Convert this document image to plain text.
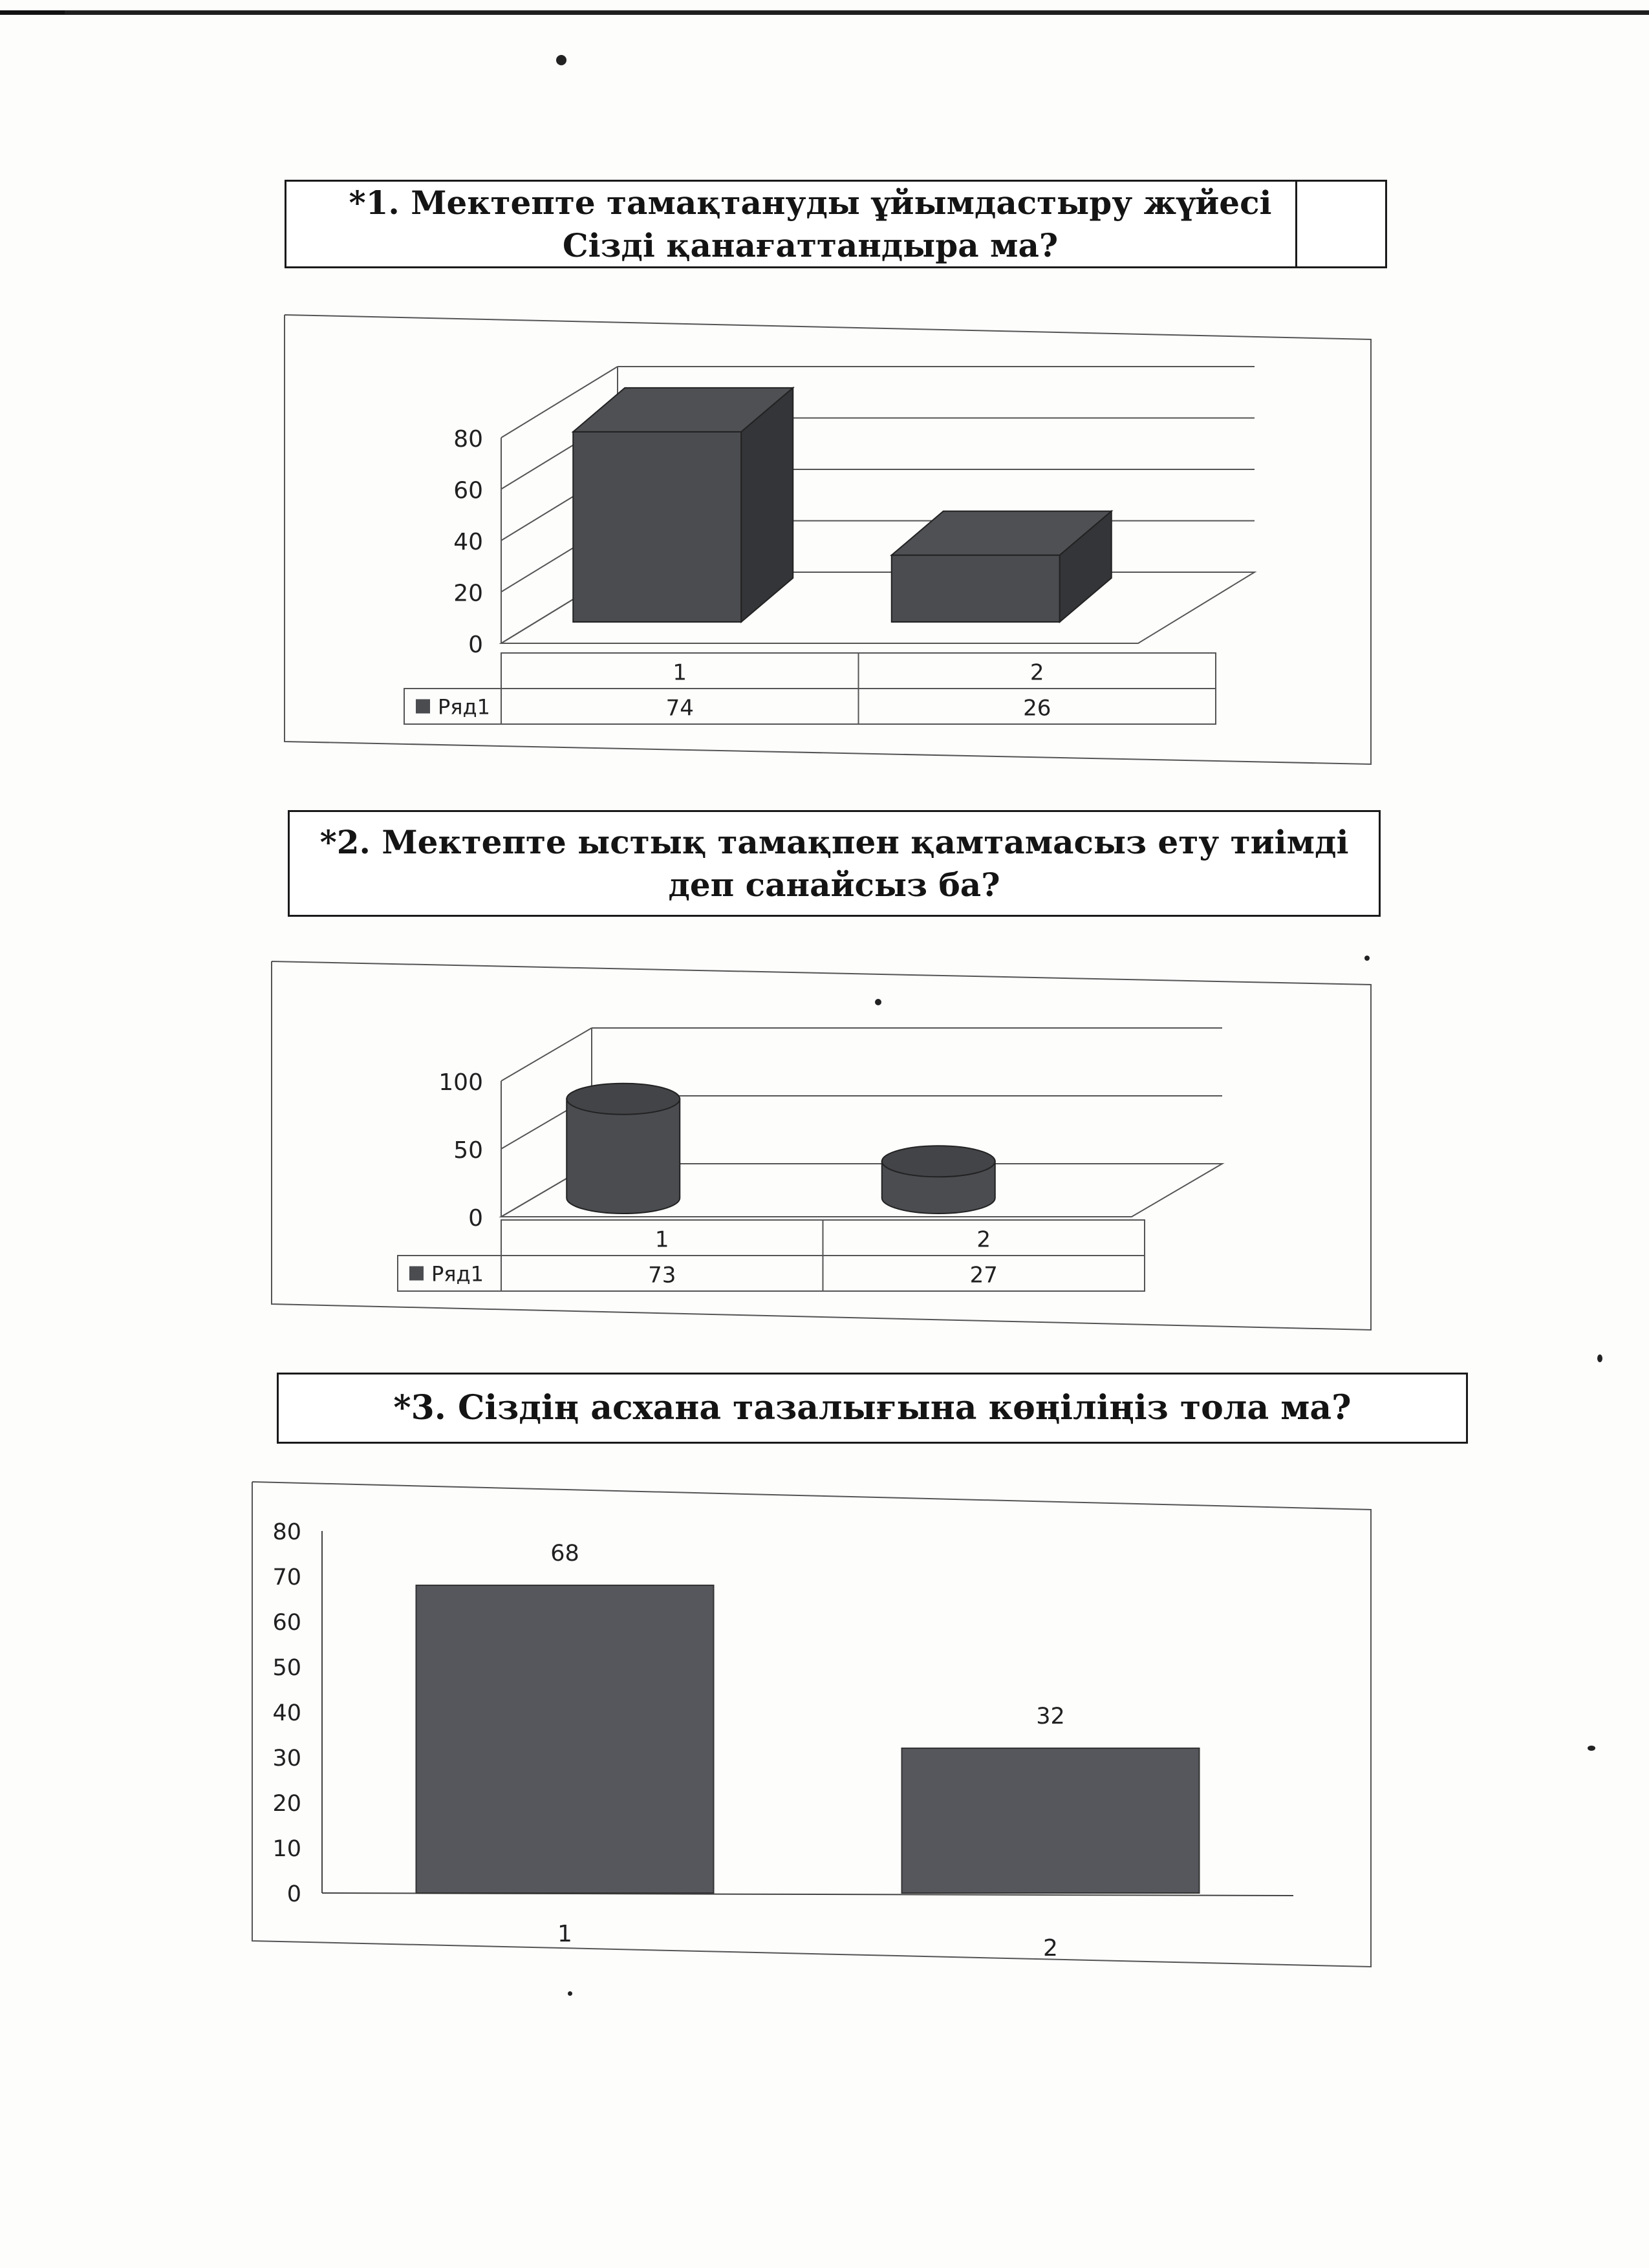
*1. Мектепте тамақтануды ұйымдастыру жүйесі Сізді қанағаттандыра ма?
0
20
40
60
80
Ряд1
1
74
2
26
*2. Мектепте ыстық тамақпен қамтамасыз ету тиімді деп санайсыз ба?
0
50
100
Ряд1
1
73
2
27
*3. Сіздің асхана тазалығына көңіліңіз тола ма?
0
10
20
30
40
50
60
70
80
68
1
32
2
